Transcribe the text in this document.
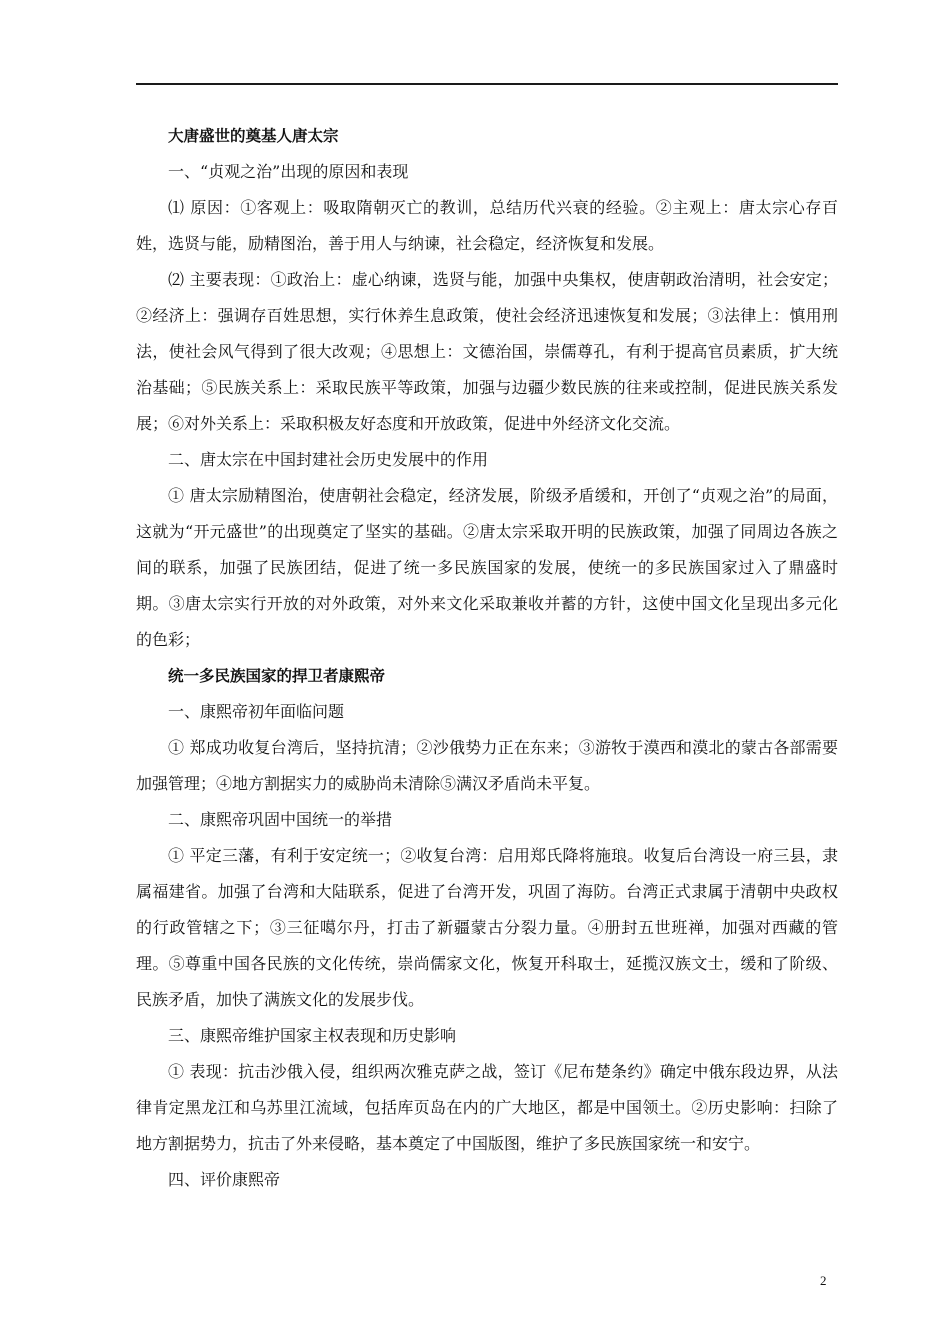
大唐盛世的奠基人唐太宗

一、“贞观之治”出现的原因和表现

⑴ 原因：①客观上：吸取隋朝灭亡的教训，总结历代兴衰的经验。②主观上：唐太宗心存百姓，选贤与能，励精图治，善于用人与纳谏，社会稳定，经济恢复和发展。

⑵ 主要表现：①政治上：虚心纳谏，选贤与能，加强中央集权，使唐朝政治清明，社会安定；②经济上：强调存百姓思想，实行休养生息政策，使社会经济迅速恢复和发展；③法律上：慎用刑法，使社会风气得到了很大改观；④思想上：文德治国，崇儒尊孔，有利于提高官员素质，扩大统治基础；⑤民族关系上：采取民族平等政策，加强与边疆少数民族的往来或控制，促进民族关系发展；⑥对外关系上：采取积极友好态度和开放政策，促进中外经济文化交流。

二、唐太宗在中国封建社会历史发展中的作用

① 唐太宗励精图治，使唐朝社会稳定，经济发展，阶级矛盾缓和，开创了“贞观之治”的局面，这就为“开元盛世”的出现奠定了坚实的基础。②唐太宗采取开明的民族政策，加强了同周边各族之间的联系，加强了民族团结，促进了统一多民族国家的发展，使统一的多民族国家过入了鼎盛时期。③唐太宗实行开放的对外政策，对外来文化采取兼收并蓄的方针，这使中国文化呈现出多元化的色彩；

统一多民族国家的捍卫者康熙帝

一、康熙帝初年面临问题

① 郑成功收复台湾后，坚持抗清；②沙俄势力正在东来；③游牧于漠西和漠北的蒙古各部需要加强管理；④地方割据实力的威胁尚未清除⑤满汉矛盾尚未平复。

二、康熙帝巩固中国统一的举措

① 平定三藩，有利于安定统一；②收复台湾：启用郑氏降将施琅。收复后台湾设一府三县，隶属福建省。加强了台湾和大陆联系，促进了台湾开发，巩固了海防。台湾正式隶属于清朝中央政权的行政管辖之下；③三征噶尔丹，打击了新疆蒙古分裂力量。④册封五世班禅，加强对西藏的管理。⑤尊重中国各民族的文化传统，崇尚儒家文化，恢复开科取士，延揽汉族文士，缓和了阶级、民族矛盾，加快了满族文化的发展步伐。

三、康熙帝维护国家主权表现和历史影响

① 表现：抗击沙俄入侵，组织两次雅克萨之战，签订《尼布楚条约》确定中俄东段边界，从法律肯定黑龙江和乌苏里江流域，包括库页岛在内的广大地区，都是中国领土。②历史影响：扫除了地方割据势力，抗击了外来侵略，基本奠定了中国版图，维护了多民族国家统一和安宁。

四、评价康熙帝

2
